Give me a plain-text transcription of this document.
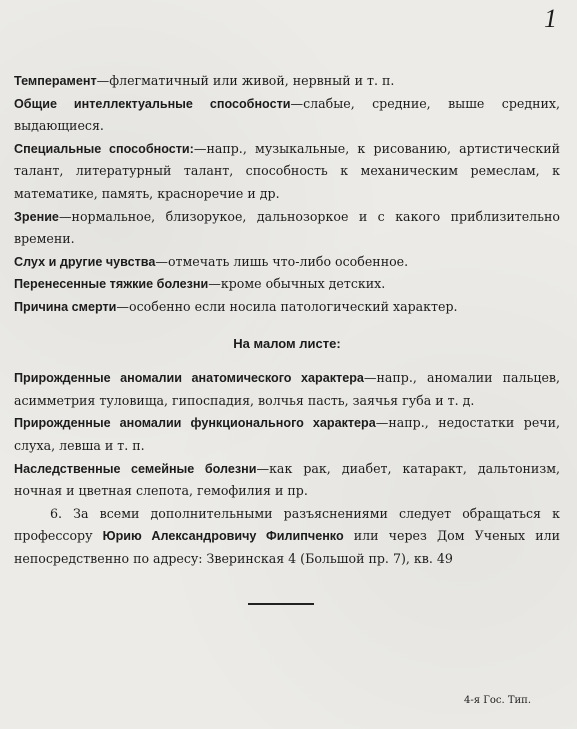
1

Темперамент—флегматичный или живой, нервный и т. п.

Общие интеллектуальные способности—слабые, средние, выше средних, выдающиеся.

Специальные способности:—напр., музыкальные, к рисованию, артистический талант, литературный талант, способность к механическим ремеслам, к математике, память, красноречие и др.

Зрение—нормальное, близорукое, дальнозоркое и с какого приблизительно времени.

Слух и другие чувства—отмечать лишь что-либо особенное.

Перенесенные тяжкие болезни—кроме обычных детских.

Причина смерти—особенно если носила патологический характер.

На малом листе:

Прирожденные аномалии анатомического характера—напр., аномалии пальцев, асимметрия туловища, гипоспадия, волчья пасть, заячья губа и т. д.

Прирожденные аномалии функционального характера—напр., недостатки речи, слуха, левша и т. п.

Наследственные семейные болезни—как рак, диабет, катаракт, дальтонизм, ночная и цветная слепота, гемофилия и пр.

6. За всеми дополнительными разъяснениями следует обращаться к профессору Юрию Александровичу Филипченко или через Дом Ученых или непосредственно по адресу: Зверинская 4 (Большой пр. 7), кв. 49

4-я Гос. Тип.
